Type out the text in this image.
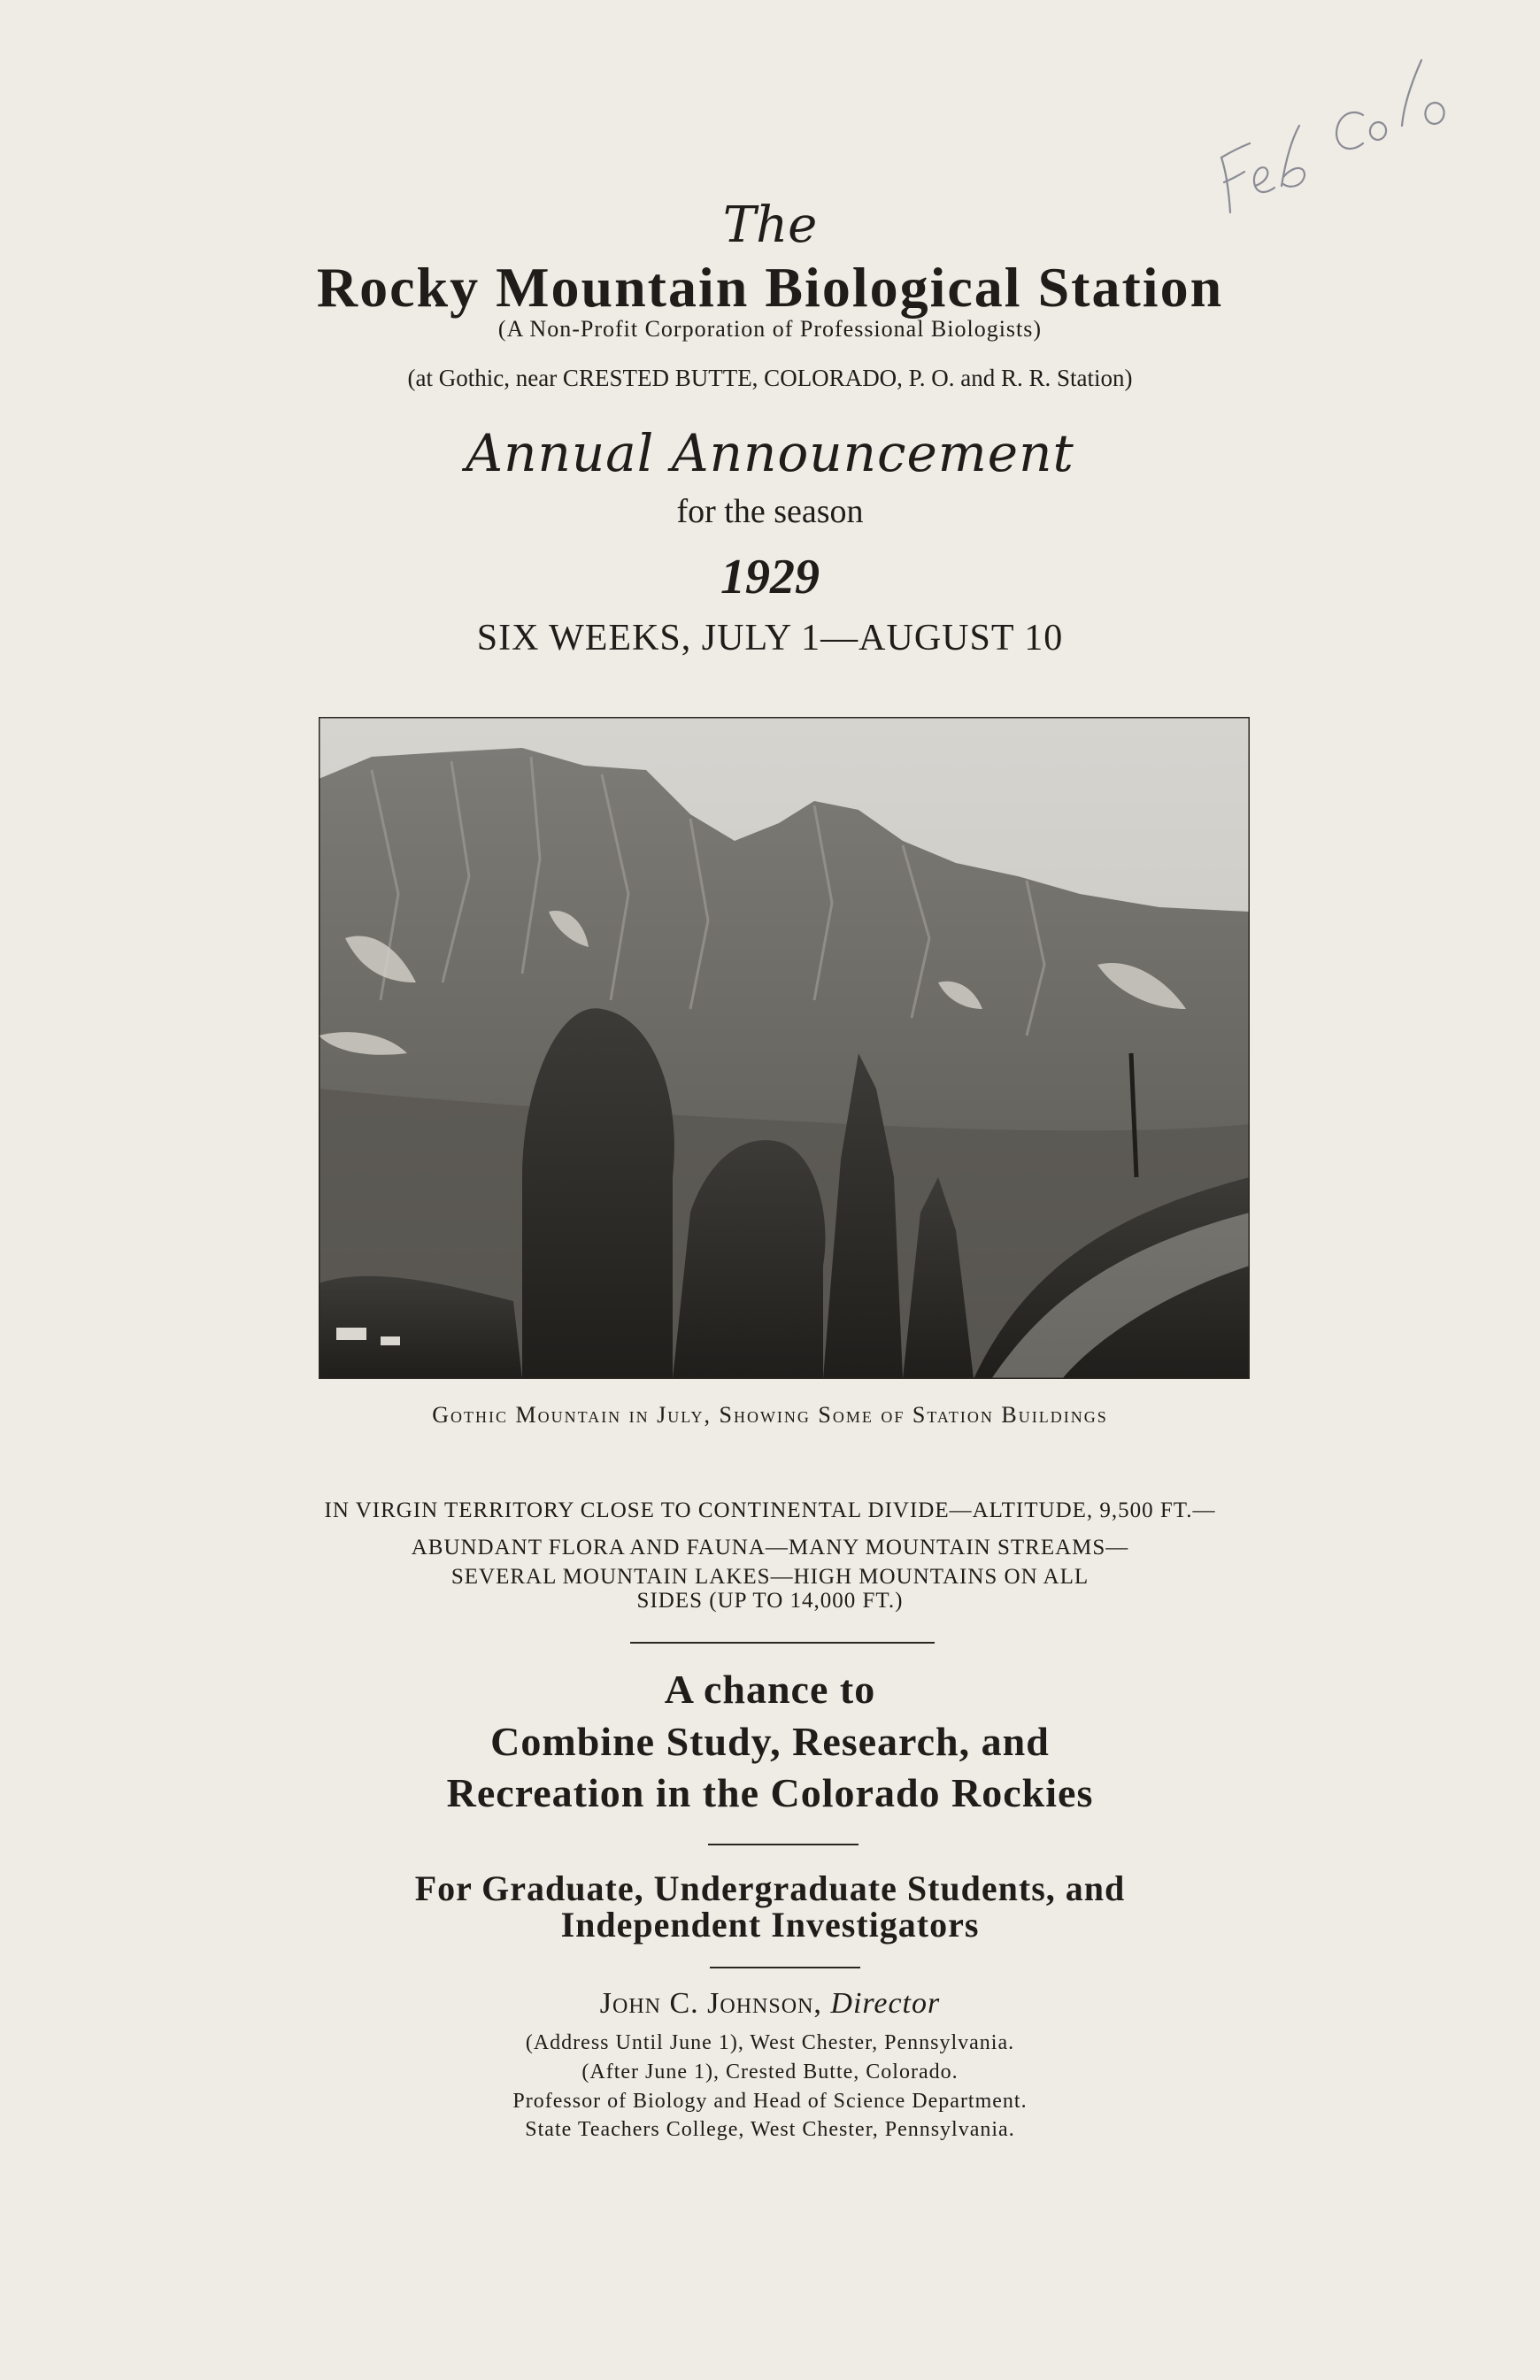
The
Rocky Mountain Biological Station
(A Non-Profit Corporation of Professional Biologists)
(at Gothic, near CRESTED BUTTE, COLORADO, P. O. and R. R. Station)
Annual Announcement
for the season
1929
SIX WEEKS, JULY 1—AUGUST 10
Gothic Mountain in July, Showing Some of Station Buildings
IN VIRGIN TERRITORY CLOSE TO CONTINENTAL DIVIDE—ALTITUDE, 9,500 FT.—
ABUNDANT FLORA AND FAUNA—MANY MOUNTAIN STREAMS—
SEVERAL MOUNTAIN LAKES—HIGH MOUNTAINS ON ALL
SIDES (UP TO 14,000 FT.)
A chance to
Combine Study, Research, and
Recreation in the Colorado Rockies
For Graduate, Undergraduate Students, and
Independent Investigators
John C. Johnson, Director
(Address Until June 1), West Chester, Pennsylvania.
(After June 1), Crested Butte, Colorado.
Professor of Biology and Head of Science Department.
State Teachers College, West Chester, Pennsylvania.
